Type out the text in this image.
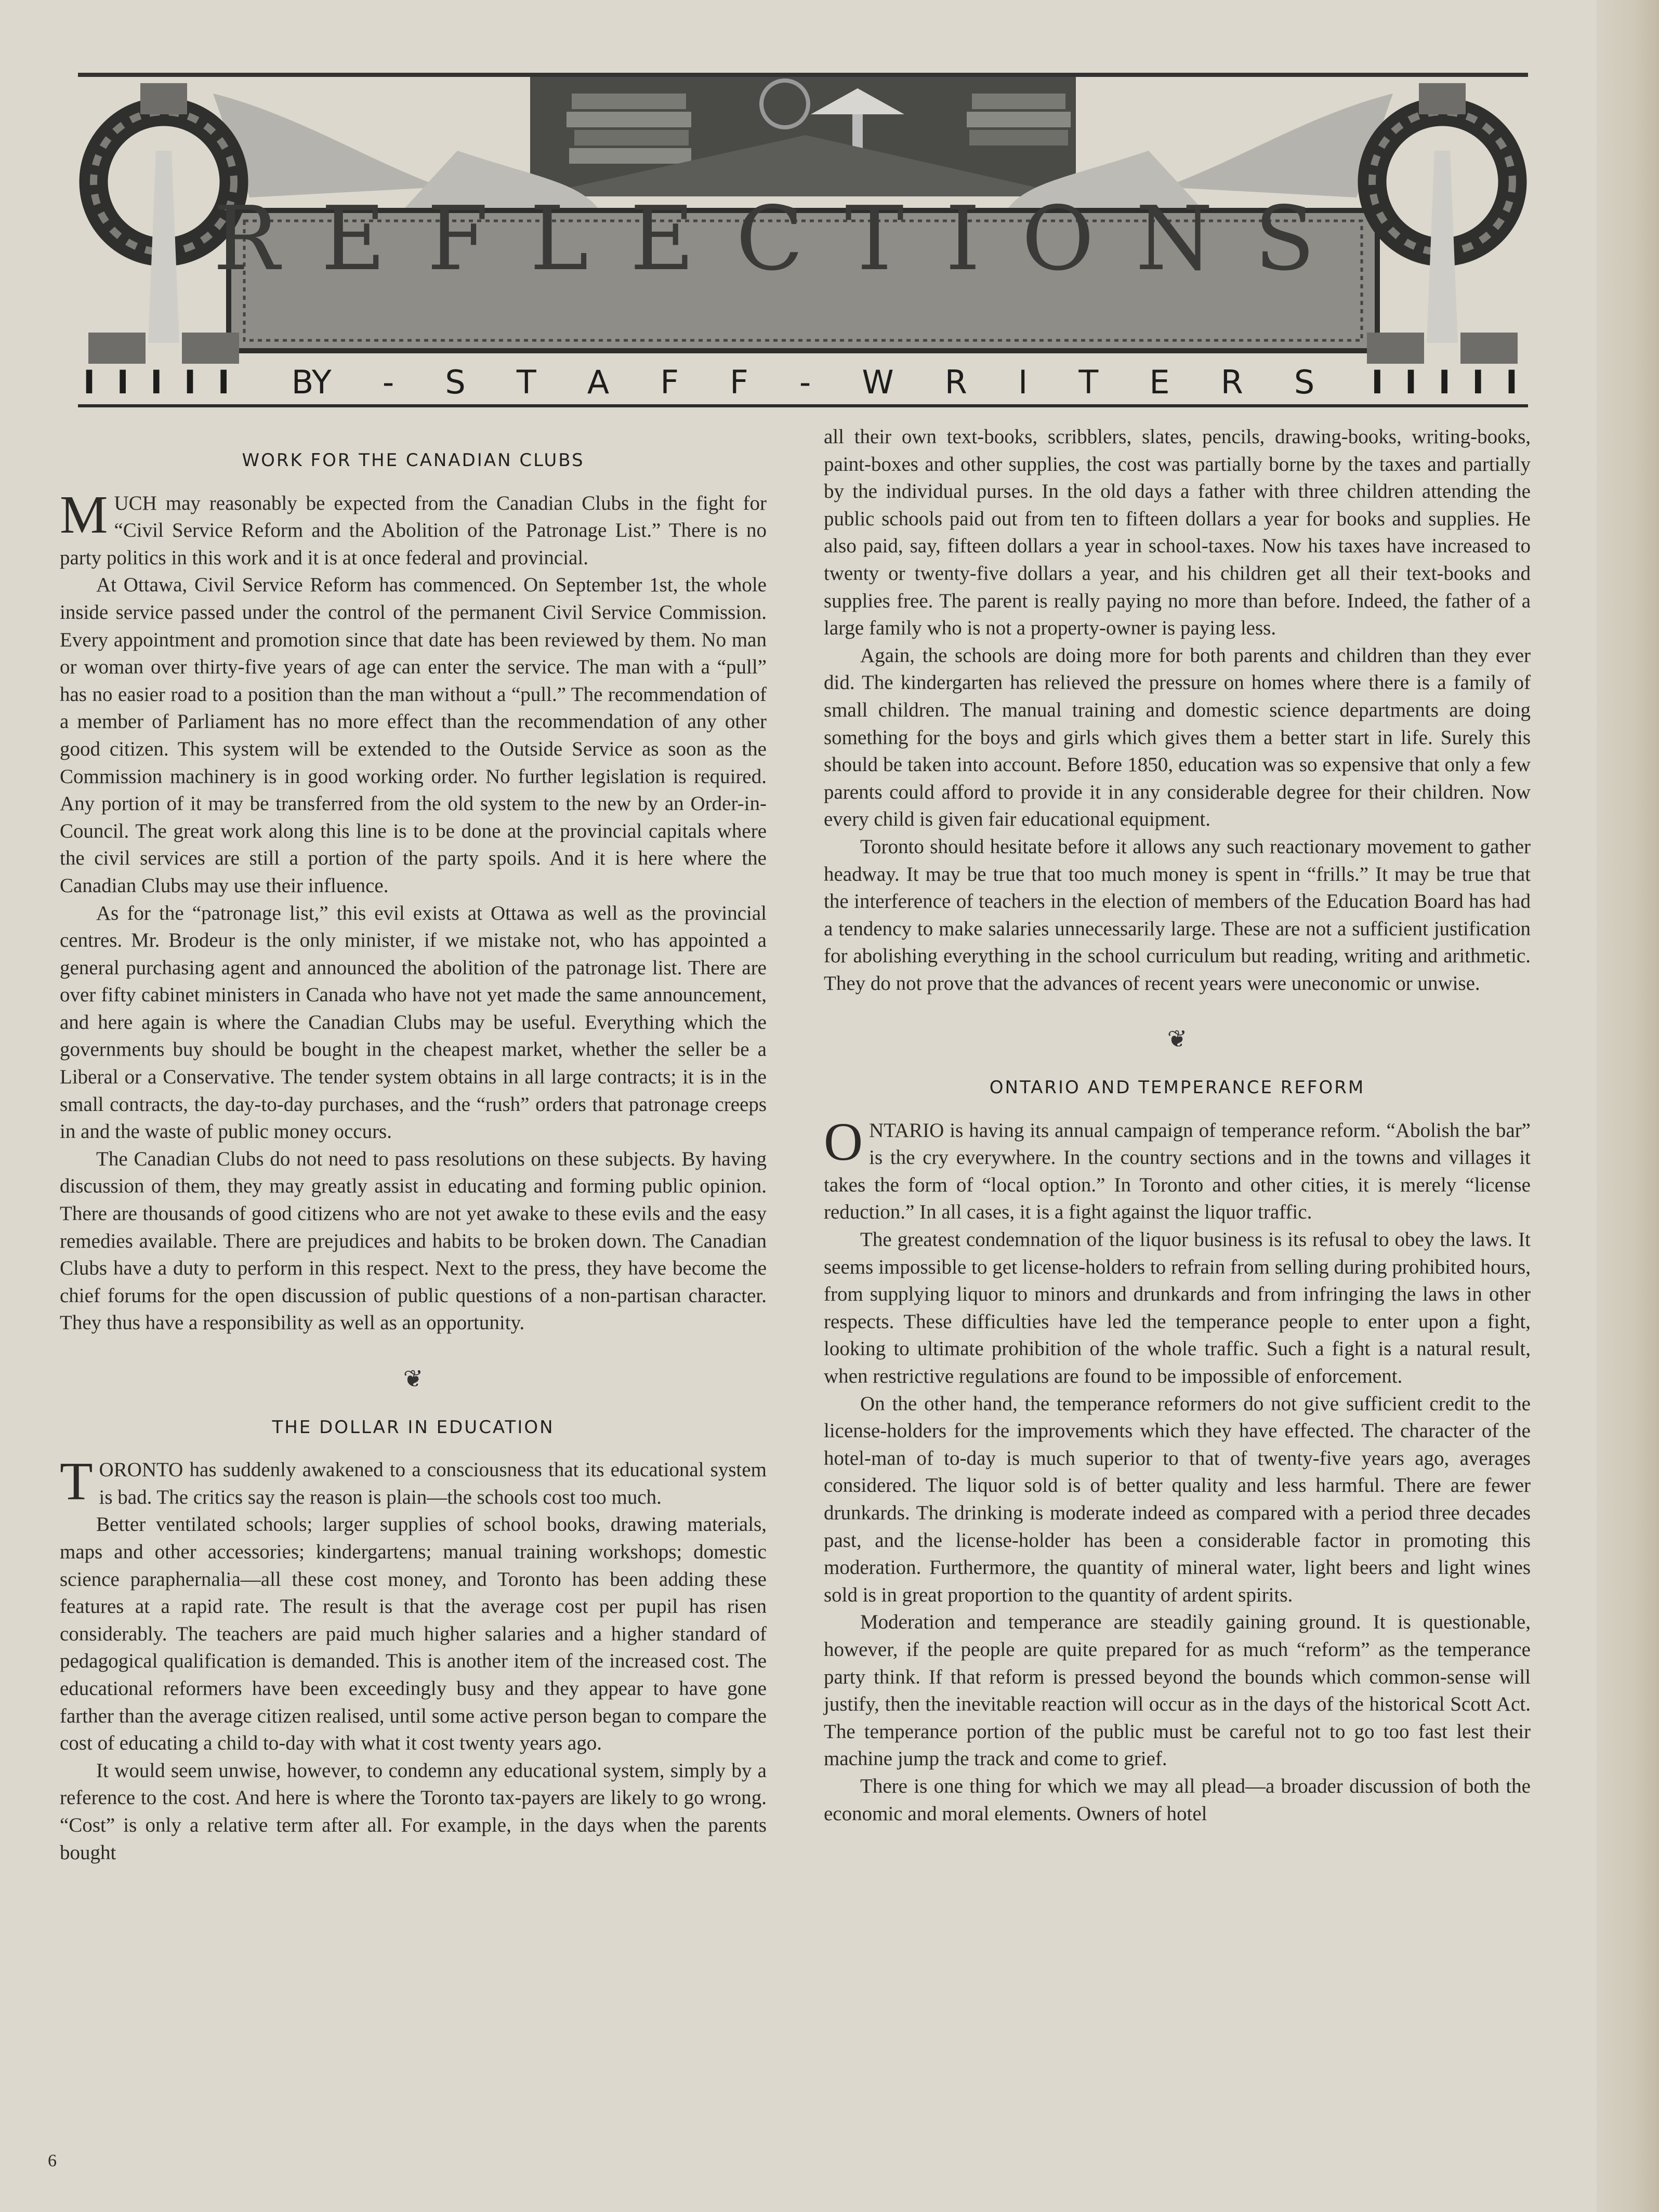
R E F L E C T I O N S
I I I I I BY - S T A F F - W R I T E R S I I I I I
WORK FOR THE CANADIAN CLUBS

MUCH may reasonably be expected from the Canadian Clubs in the fight for “Civil Service Reform and the Abolition of the Patronage List.” There is no party politics in this work and it is at once federal and provincial.

At Ottawa, Civil Service Reform has commenced. On September 1st, the whole inside service passed under the control of the permanent Civil Service Commission. Every appointment and promotion since that date has been reviewed by them. No man or woman over thirty-five years of age can enter the service. The man with a “pull” has no easier road to a position than the man without a “pull.” The recommendation of a member of Parliament has no more effect than the recommendation of any other good citizen. This system will be extended to the Outside Service as soon as the Commission machinery is in good working order. No further legislation is required. Any portion of it may be transferred from the old system to the new by an Order-in-Council. The great work along this line is to be done at the provincial capitals where the civil services are still a portion of the party spoils. And it is here where the Canadian Clubs may use their influence.

As for the “patronage list,” this evil exists at Ottawa as well as the provincial centres. Mr. Brodeur is the only minister, if we mistake not, who has appointed a general purchasing agent and announced the abolition of the patronage list. There are over fifty cabinet ministers in Canada who have not yet made the same announcement, and here again is where the Canadian Clubs may be useful. Everything which the governments buy should be bought in the cheapest market, whether the seller be a Liberal or a Conservative. The tender system obtains in all large contracts; it is in the small contracts, the day-to-day purchases, and the “rush” orders that patronage creeps in and the waste of public money occurs.

The Canadian Clubs do not need to pass resolutions on these subjects. By having discussion of them, they may greatly assist in educating and forming public opinion. There are thousands of good citizens who are not yet awake to these evils and the easy remedies available. There are prejudices and habits to be broken down. The Canadian Clubs have a duty to perform in this respect. Next to the press, they have become the chief forums for the open discussion of public questions of a non-partisan character. They thus have a responsibility as well as an opportunity.

❦
THE DOLLAR IN EDUCATION

TORONTO has suddenly awakened to a consciousness that its educational system is bad. The critics say the reason is plain—the schools cost too much.

Better ventilated schools; larger supplies of school books, drawing materials, maps and other accessories; kindergartens; manual training workshops; domestic science paraphernalia—all these cost money, and Toronto has been adding these features at a rapid rate. The result is that the average cost per pupil has risen considerably. The teachers are paid much higher salaries and a higher standard of pedagogical qualification is demanded. This is another item of the increased cost. The educational reformers have been exceedingly busy and they appear to have gone farther than the average citizen realised, until some active person began to compare the cost of educating a child to-day with what it cost twenty years ago.

It would seem unwise, however, to condemn any educational system, simply by a reference to the cost. And here is where the Toronto tax-payers are likely to go wrong. “Cost” is only a relative term after all. For example, in the days when the parents bought

all their own text-books, scribblers, slates, pencils, drawing-books, writing-books, paint-boxes and other supplies, the cost was partially borne by the taxes and partially by the individual purses. In the old days a father with three children attending the public schools paid out from ten to fifteen dollars a year for books and supplies. He also paid, say, fifteen dollars a year in school-taxes. Now his taxes have increased to twenty or twenty-five dollars a year, and his children get all their text-books and supplies free. The parent is really paying no more than before. Indeed, the father of a large family who is not a property-owner is paying less.

Again, the schools are doing more for both parents and children than they ever did. The kindergarten has relieved the pressure on homes where there is a family of small children. The manual training and domestic science departments are doing something for the boys and girls which gives them a better start in life. Surely this should be taken into account. Before 1850, education was so expensive that only a few parents could afford to provide it in any considerable degree for their children. Now every child is given fair educational equipment.

Toronto should hesitate before it allows any such reactionary movement to gather headway. It may be true that too much money is spent in “frills.” It may be true that the interference of teachers in the election of members of the Education Board has had a tendency to make salaries unnecessarily large. These are not a sufficient justification for abolishing everything in the school curriculum but reading, writing and arithmetic. They do not prove that the advances of recent years were uneconomic or unwise.

❦
ONTARIO AND TEMPERANCE REFORM

ONTARIO is having its annual campaign of temperance reform. “Abolish the bar” is the cry everywhere. In the country sections and in the towns and villages it takes the form of “local option.” In Toronto and other cities, it is merely “license reduction.” In all cases, it is a fight against the liquor traffic.

The greatest condemnation of the liquor business is its refusal to obey the laws. It seems impossible to get license-holders to refrain from selling during prohibited hours, from supplying liquor to minors and drunkards and from infringing the laws in other respects. These difficulties have led the temperance people to enter upon a fight, looking to ultimate prohibition of the whole traffic. Such a fight is a natural result, when restrictive regulations are found to be impossible of enforcement.

On the other hand, the temperance reformers do not give sufficient credit to the license-holders for the improvements which they have effected. The character of the hotel-man of to-day is much superior to that of twenty-five years ago, averages considered. The liquor sold is of better quality and less harmful. There are fewer drunkards. The drinking is moderate indeed as compared with a period three decades past, and the license-holder has been a considerable factor in promoting this moderation. Furthermore, the quantity of mineral water, light beers and light wines sold is in great proportion to the quantity of ardent spirits.

Moderation and temperance are steadily gaining ground. It is questionable, however, if the people are quite prepared for as much “reform” as the temperance party think. If that reform is pressed beyond the bounds which common-sense will justify, then the inevitable reaction will occur as in the days of the historical Scott Act. The temperance portion of the public must be careful not to go too fast lest their machine jump the track and come to grief.

There is one thing for which we may all plead—a broader discussion of both the economic and moral elements. Owners of hotel

6
